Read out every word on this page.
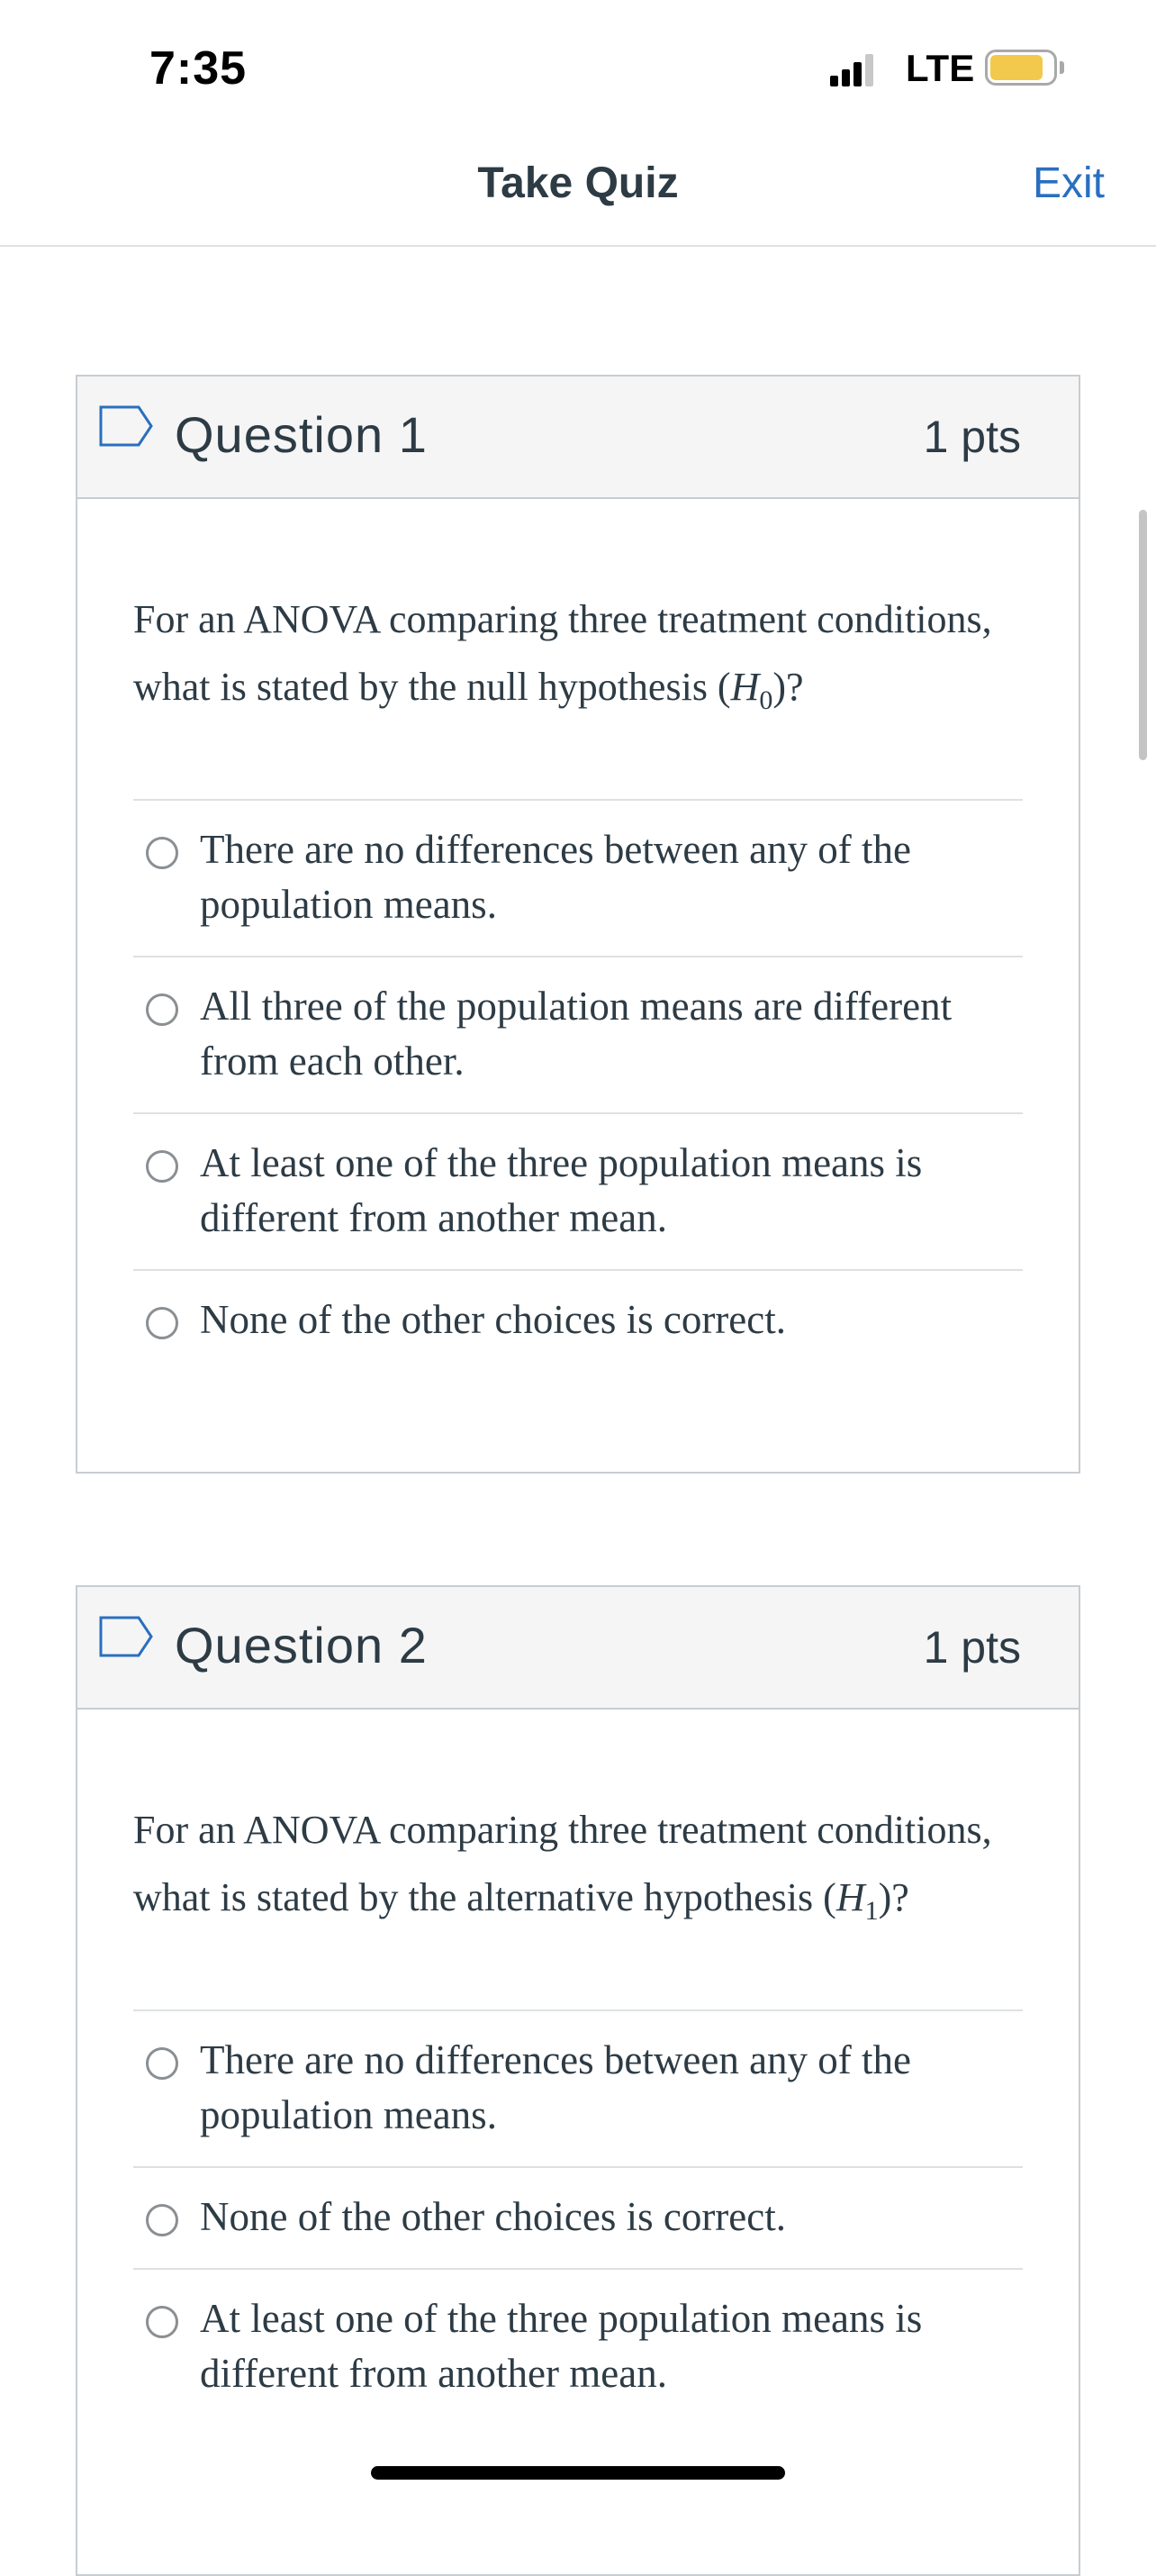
7:35	LTE
Take Quiz	Exit
Question 1	1 pts

For an ANOVA comparing three treatment conditions, what is stated by the null hypothesis $(H_0)$?

There are no differences between any of the population means.
All three of the population means are different from each other.
At least one of the three population means is different from another mean.
None of the other choices is correct.
Question 2	1 pts

For an ANOVA comparing three treatment conditions, what is stated by the alternative hypothesis $(H_1)$?

There are no differences between any of the population means.
None of the other choices is correct.
At least one of the three population means is different from another mean.
